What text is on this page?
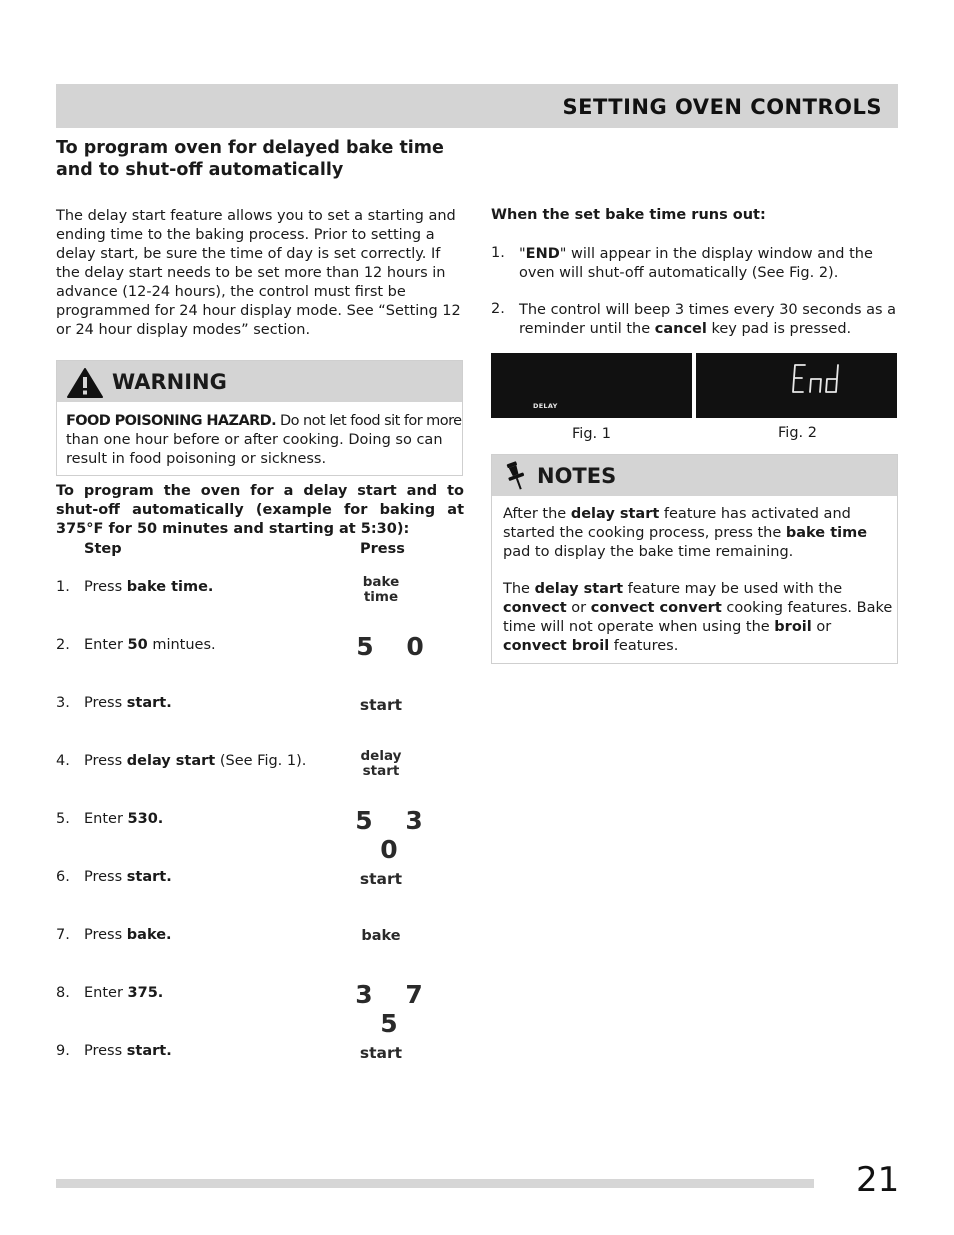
SETTING OVEN CONTROLS
To program oven for delayed bake time and to shut-off automatically
The delay start feature allows you to set a starting and ending time to the baking process. Prior to setting a delay start, be sure the time of day is set correctly. If the delay start needs to be set more than 12 hours in advance (12-24 hours), the control must first be programmed for 24 hour display mode. See “Setting 12 or 24 hour display modes” section.
WARNING
FOOD POISONING HAZARD. Do not let food sit for more than one hour before or after cooking. Doing so can result in food poisoning or sickness.
To program the oven for a delay start and to shut-off automatically (example for baking at 375°F for 50 minutes and starting at 5:30):
Step	Press
1. Press bake time.	bake
time
2. Enter 50 mintues.	5 0
3. Press start.	start
4. Press delay start (See Fig. 1).	delay
start
5. Enter 530.	5 3 0
6. Press start.	start
7. Press bake.	bake
8. Enter 375.	3 7 5
9. Press start.	start
When the set bake time runs out:
1. "END" will appear in the display window and the oven will shut-off automatically (See Fig. 2).
2. The control will beep 3 times every 30 seconds as a reminder until the cancel key pad is pressed.
DELAY
Fig. 1	Fig. 2
NOTES
After the delay start feature has activated and started the cooking process, press the bake time pad to display the bake time remaining.
The delay start feature may be used with the convect or convect convert cooking features. Bake time will not operate when using the broil or convect broil features.
21
